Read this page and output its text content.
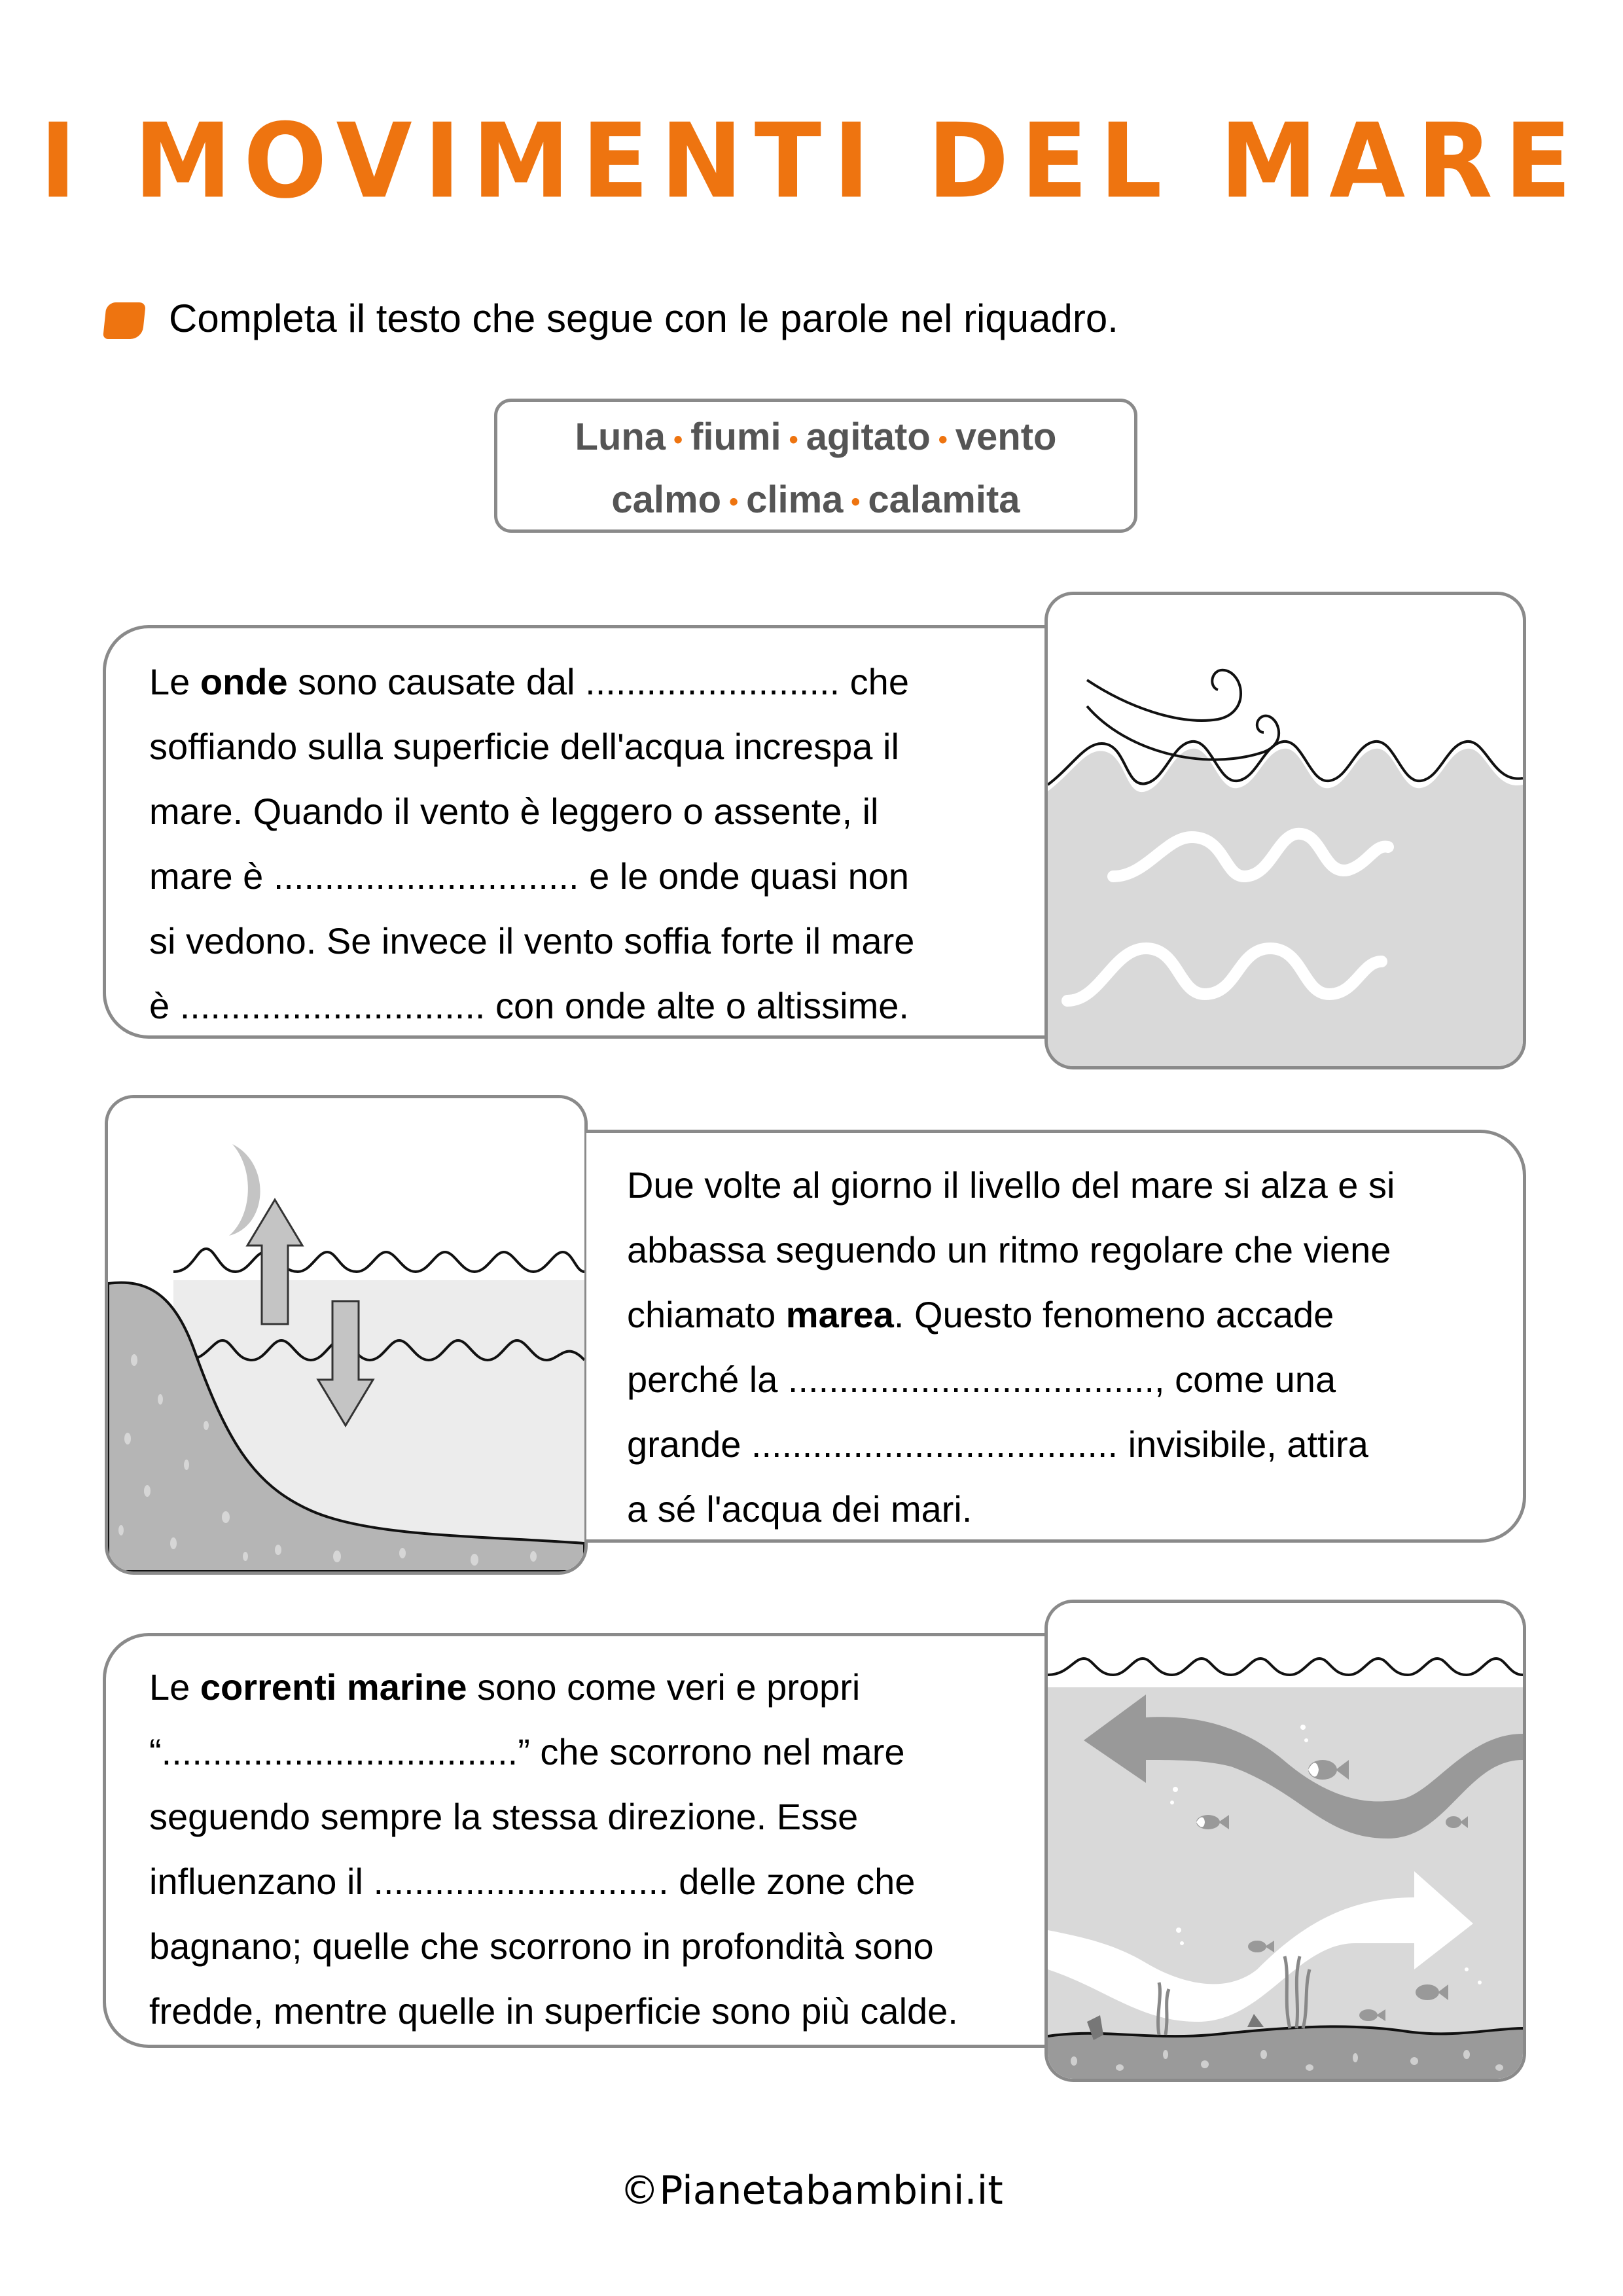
I MOVIMENTI DEL MARE
Completa il testo che segue con le parole nel riquadro.
Luna • fiumi • agitato • vento
calmo • clima • calamita

Le onde sono causate dal ......................... che

soffiando sulla superficie dell'acqua increspa il

mare. Quando il vento è leggero o assente, il

mare è .............................. e le onde quasi non

si vedono. Se invece il vento soffia forte il mare

è .............................. con onde alte o altissime.

Due volte al giorno il livello del mare si alza e si

abbassa seguendo un ritmo regolare che viene

chiamato marea. Questo fenomeno accade

perché la ...................................., come una

grande .................................... invisibile, attira

a sé l'acqua dei mari.

Le correnti marine sono come veri e propri

“...................................” che scorrono nel mare

seguendo sempre la stessa direzione. Esse

influenzano il ............................. delle zone che

bagnano; quelle che scorrono in profondità sono

fredde, mentre quelle in superficie sono più calde.

©Pianetabambini.it
